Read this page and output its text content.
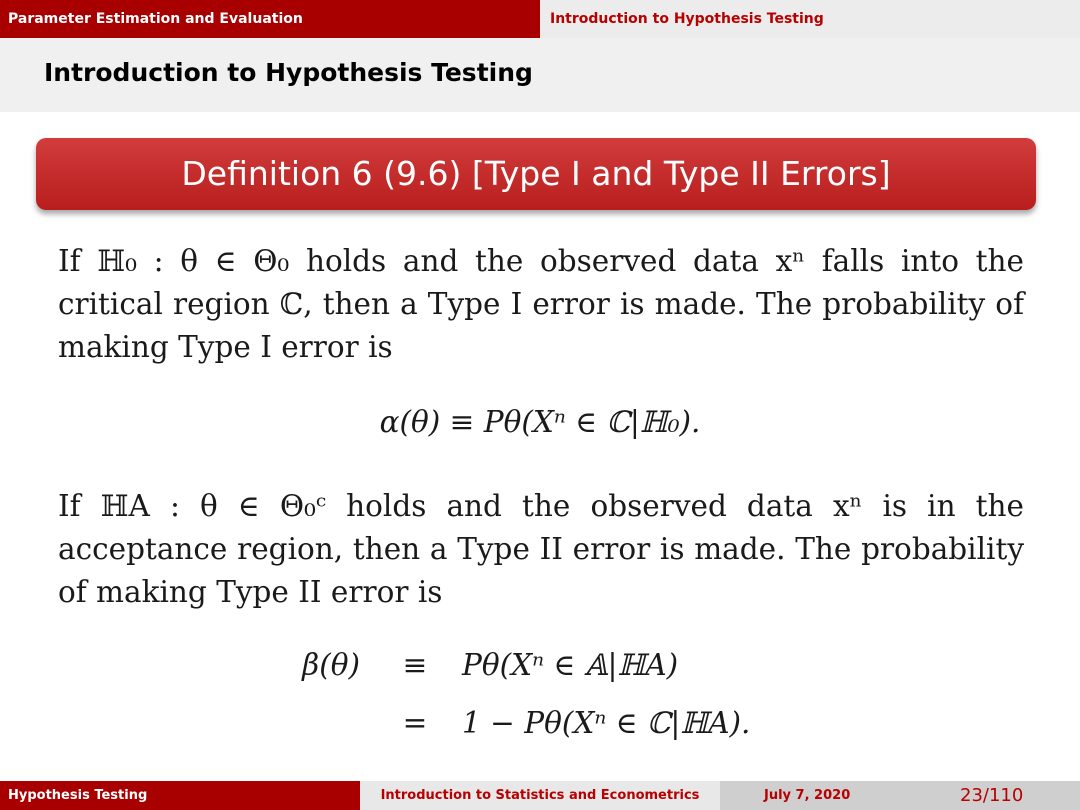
Parameter Estimation and Evaluation	Introduction to Hypothesis Testing
Introduction to Hypothesis Testing
Definition 6 (9.6) [Type I and Type II Errors]
If ℍ₀ : θ ∈ Θ₀ holds and the observed data xⁿ falls into the critical region ℂ, then a Type I error is made. The probability of making Type I error is
α(θ) ≡ Pθ(Xⁿ ∈ ℂ|ℍ₀).
If ℍA : θ ∈ Θ₀ᶜ holds and the observed data xⁿ is in the acceptance region, then a Type II error is made. The probability of making Type II error is
β(θ) ≡ Pθ(Xⁿ ∈ 𝔸|ℍA)
= 1 − Pθ(Xⁿ ∈ ℂ|ℍA).
Hypothesis Testing	Introduction to Statistics and Econometrics	July 7, 2020	23/110
